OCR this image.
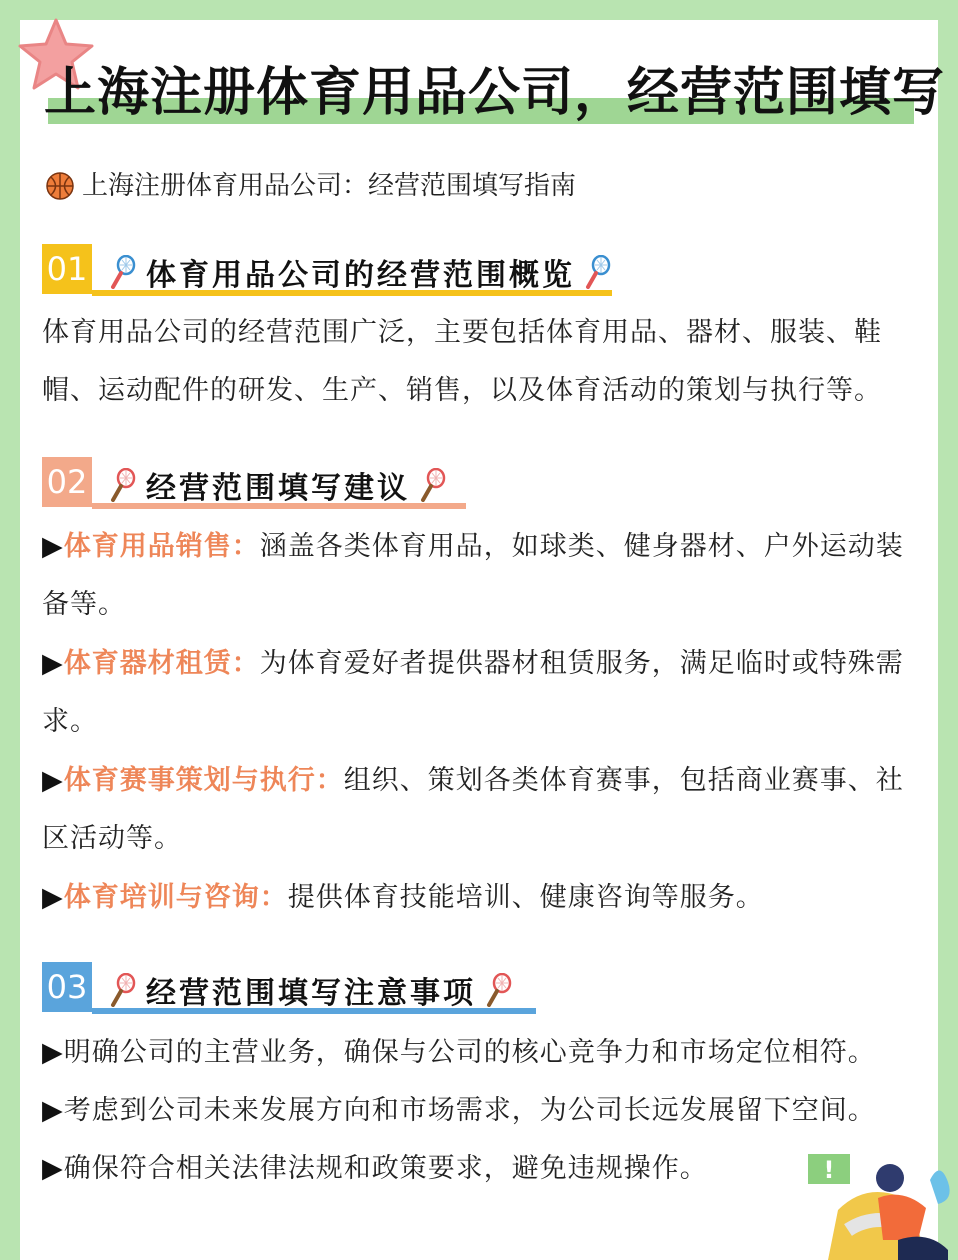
上海注册体育用品公司，经营范围填写
上海注册体育用品公司：经营范围填写指南
01 体育用品公司的经营范围概览
体育用品公司的经营范围广泛，主要包括体育用品、器材、服装、鞋帽、运动配件的研发、生产、销售，以及体育活动的策划与执行等。
02 经营范围填写建议
▶体育用品销售：涵盖各类体育用品，如球类、健身器材、户外运动装备等。
▶体育器材租赁：为体育爱好者提供器材租赁服务，满足临时或特殊需求。
▶体育赛事策划与执行：组织、策划各类体育赛事，包括商业赛事、社区活动等。
▶体育培训与咨询：提供体育技能培训、健康咨询等服务。
03 经营范围填写注意事项
▶明确公司的主营业务，确保与公司的核心竞争力和市场定位相符。
▶考虑到公司未来发展方向和市场需求，为公司长远发展留下空间。
▶确保符合相关法律法规和政策要求，避免违规操作。	!
